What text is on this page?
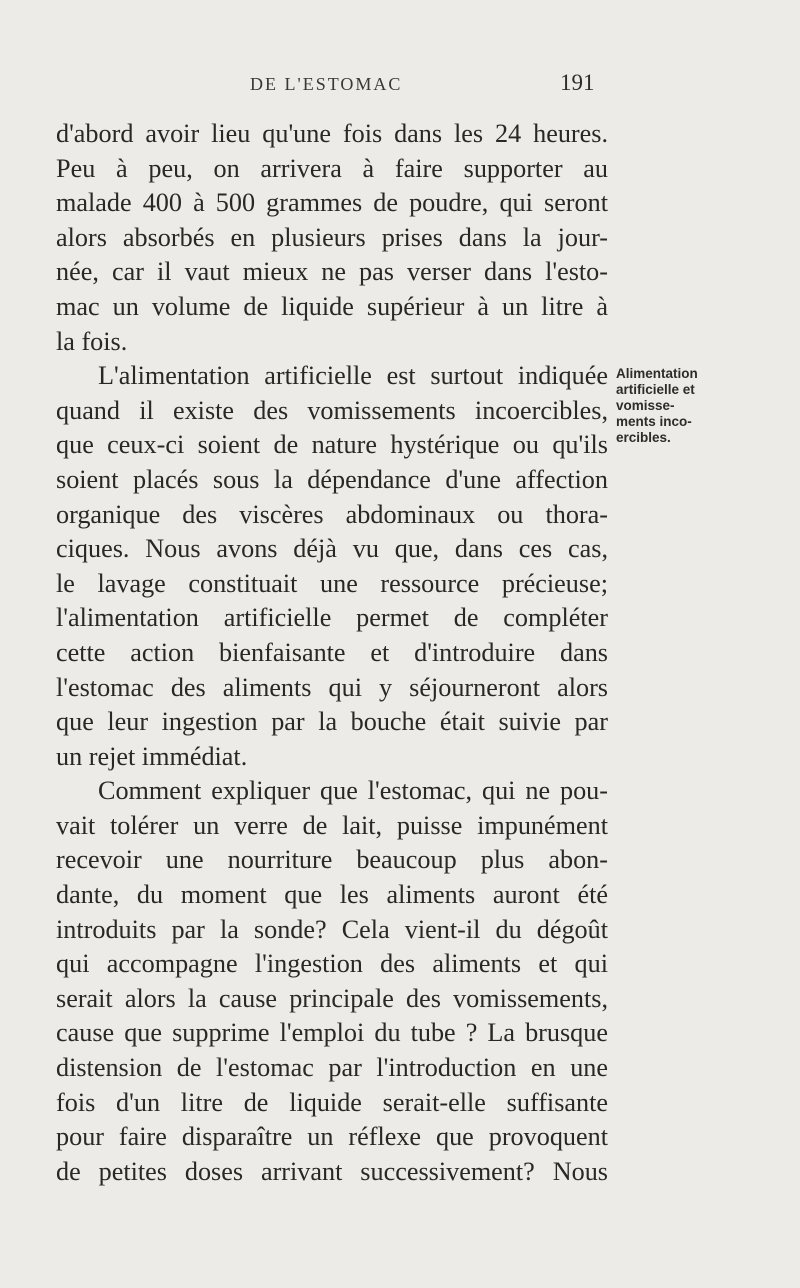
DE L'ESTOMAC	191
d'abord avoir lieu qu'une fois dans les 24 heures.
Peu à peu, on arrivera à faire supporter au
malade 400 à 500 grammes de poudre, qui seront
alors absorbés en plusieurs prises dans la jour-
née, car il vaut mieux ne pas verser dans l'esto-
mac un volume de liquide supérieur à un litre à
la fois.
L'alimentation artificielle est surtout indiquée
quand il existe des vomissements incoercibles,
que ceux-ci soient de nature hystérique ou qu'ils
soient placés sous la dépendance d'une affection
organique des viscères abdominaux ou thora-
ciques. Nous avons déjà vu que, dans ces cas,
le lavage constituait une ressource précieuse;
l'alimentation artificielle permet de compléter
cette action bienfaisante et d'introduire dans
l'estomac des aliments qui y séjourneront alors
que leur ingestion par la bouche était suivie par
un rejet immédiat.
Comment expliquer que l'estomac, qui ne pou-
vait tolérer un verre de lait, puisse impunément
recevoir une nourriture beaucoup plus abon-
dante, du moment que les aliments auront été
introduits par la sonde? Cela vient-il du dégoût
qui accompagne l'ingestion des aliments et qui
serait alors la cause principale des vomissements,
cause que supprime l'emploi du tube ? La brusque
distension de l'estomac par l'introduction en une
fois d'un litre de liquide serait-elle suffisante
pour faire disparaître un réflexe que provoquent
de petites doses arrivant successivement? Nous
Alimentation
artificielle et
vomisse-
ments inco-
ercibles.
